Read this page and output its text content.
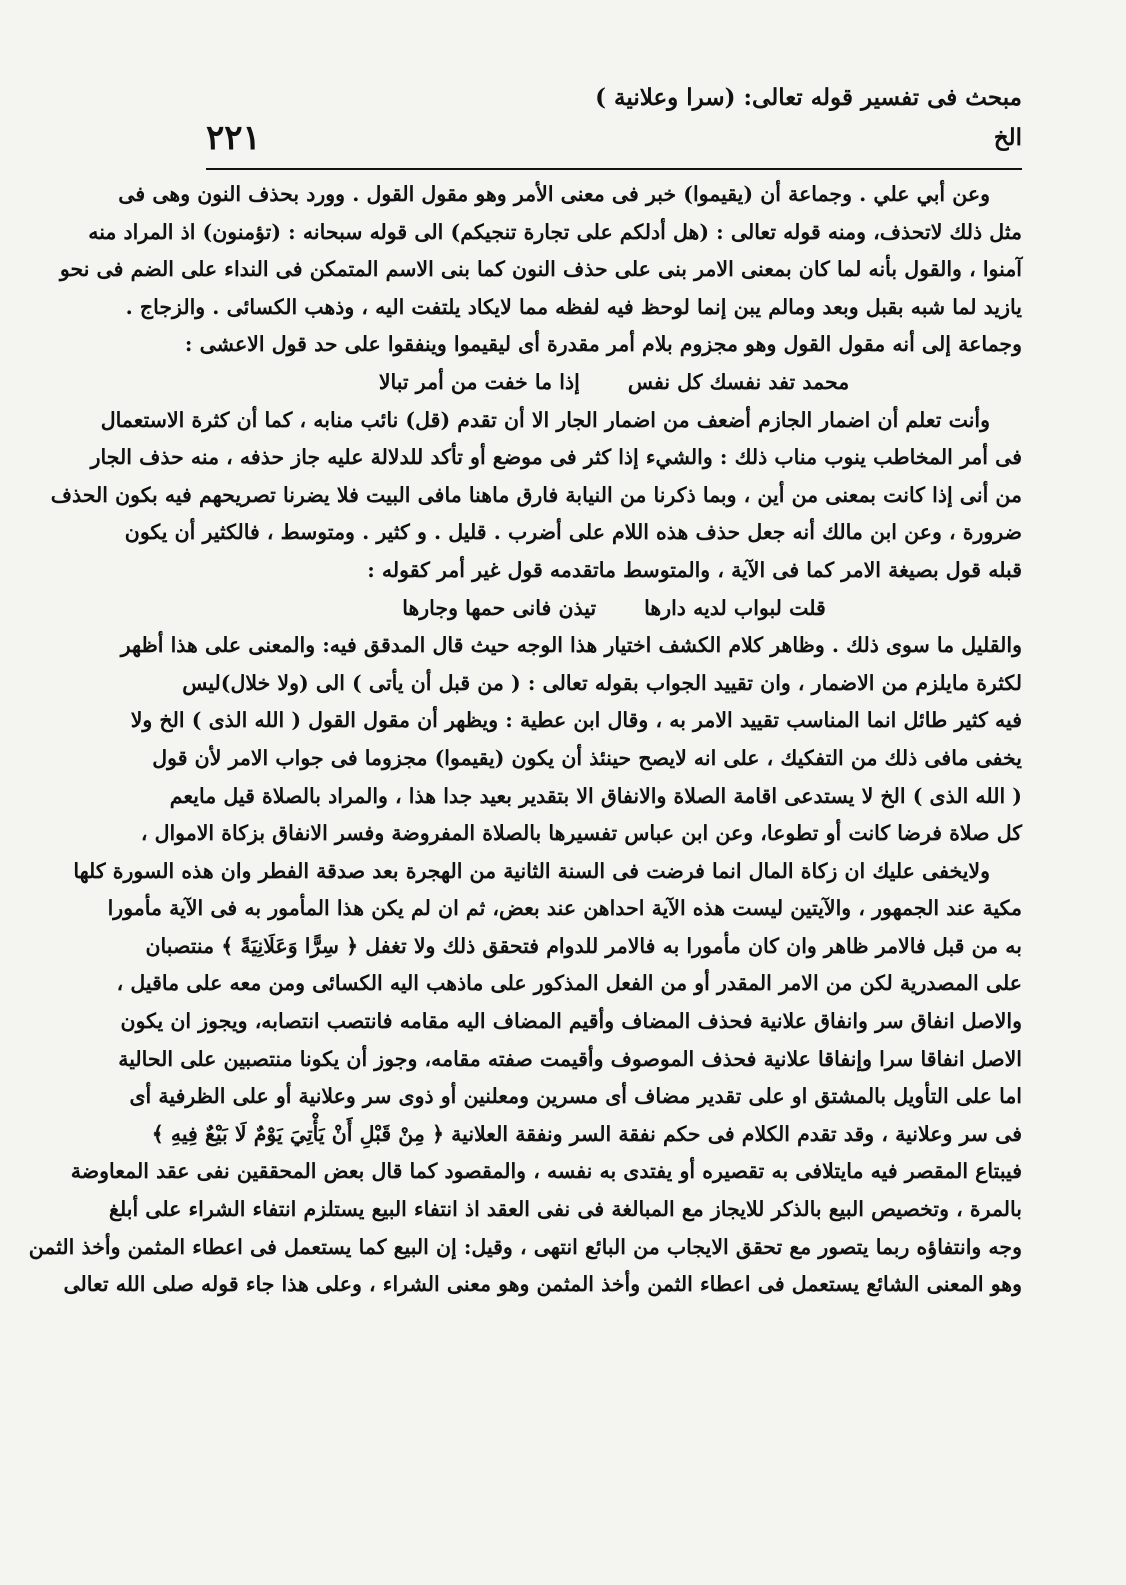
مبحث فى تفسير قوله تعالى: (سرا وعلانية ) الخ
٢٢١
وعن أبي علي . وجماعة أن (يقيموا) خبر فى معنى الأمر وهو مقول القول . وورد بحذف النون وهى فى
مثل ذلك لاتحذف، ومنه قوله تعالى : (هل أدلكم على تجارة تنجيكم) الى قوله سبحانه : (تؤمنون) اذ المراد منه
آمنوا ، والقول بأنه لما كان بمعنى الامر بنى على حذف النون كما بنى الاسم المتمكن فى النداء على الضم فى نحو
يازيد لما شبه بقبل وبعد ومالم يبن إنما لوحظ فيه لفظه مما لايكاد يلتفت اليه ، وذهب الكسائى . والزجاج .
وجماعة إلى أنه مقول القول وهو مجزوم بلام أمر مقدرة أى ليقيموا وينفقوا على حد قول الاعشى :
محمد تفد نفسك كل نفس
إذا ما خفت من أمر تبالا
وأنت تعلم أن اضمار الجازم أضعف من اضمار الجار الا أن تقدم (قل) نائب منابه ، كما أن كثرة الاستعمال
فى أمر المخاطب ينوب مناب ذلك : والشيء إذا كثر فى موضع أو تأكد للدلالة عليه جاز حذفه ، منه حذف الجار
من أنى إذا كانت بمعنى من أين ، وبما ذكرنا من النيابة فارق ماهنا مافى البيت فلا يضرنا تصريحهم فيه بكون الحذف
ضرورة ، وعن ابن مالك أنه جعل حذف هذه اللام على أضرب . قليل . و كثير . ومتوسط ، فالكثير أن يكون
قبله قول بصيغة الامر كما فى الآية ، والمتوسط ماتقدمه قول غير أمر كقوله :
قلت لبواب لديه دارها
تيذن فانى حمها وجارها
والقليل ما سوى ذلك . وظاهر كلام الكشف اختيار هذا الوجه حيث قال المدقق فيه: والمعنى على هذا أظهر
لكثرة مايلزم من الاضمار ، وان تقييد الجواب بقوله تعالى : ( من قبل أن يأتى ) الى (ولا خلال)ليس
فيه كثير طائل انما المناسب تقييد الامر به ، وقال ابن عطية : ويظهر أن مقول القول ( الله الذى ) الخ ولا
يخفى مافى ذلك من التفكيك ، على انه لايصح حينئذ أن يكون (يقيموا) مجزوما فى جواب الامر لأن قول
( الله الذى ) الخ لا يستدعى اقامة الصلاة والانفاق الا بتقدير بعيد جدا هذا ، والمراد بالصلاة قيل مايعم
كل صلاة فرضا كانت أو تطوعا، وعن ابن عباس تفسيرها بالصلاة المفروضة وفسر الانفاق بزكاة الاموال ،
ولايخفى عليك ان زكاة المال انما فرضت فى السنة الثانية من الهجرة بعد صدقة الفطر وان هذه السورة كلها
مكية عند الجمهور ، والآيتين ليست هذه الآية احداهن عند بعض، ثم ان لم يكن هذا المأمور به فى الآية مأمورا
به من قبل فالامر ظاهر وان كان مأمورا به فالامر للدوام فتحقق ذلك ولا تغفل ﴿ سِرًّا وَعَلَانِيَةً ﴾ منتصبان
على المصدرية لكن من الامر المقدر أو من الفعل المذكور على ماذهب اليه الكسائى ومن معه على ماقيل ،
والاصل انفاق سر وانفاق علانية فحذف المضاف وأقيم المضاف اليه مقامه فانتصب انتصابه، ويجوز ان يكون
الاصل انفاقا سرا وإنفاقا علانية فحذف الموصوف وأقيمت صفته مقامه، وجوز أن يكونا منتصبين على الحالية
اما على التأويل بالمشتق او على تقدير مضاف أى مسرين ومعلنين أو ذوى سر وعلانية أو على الظرفية أى
فى سر وعلانية ، وقد تقدم الكلام فى حكم نفقة السر ونفقة العلانية ﴿ مِنْ قَبْلِ أَنْ يَأْتِيَ يَوْمٌ لَا بَيْعٌ فِيهِ ﴾
فيبتاع المقصر فيه مايتلافى به تقصيره أو يفتدى به نفسه ، والمقصود كما قال بعض المحققين نفى عقد المعاوضة
بالمرة ، وتخصيص البيع بالذكر للايجاز مع المبالغة فى نفى العقد اذ انتفاء البيع يستلزم انتفاء الشراء على أبلغ
وجه وانتفاؤه ربما يتصور مع تحقق الايجاب من البائع انتهى ، وقيل: إن البيع كما يستعمل فى اعطاء المثمن وأخذ الثمن
وهو المعنى الشائع يستعمل فى اعطاء الثمن وأخذ المثمن وهو معنى الشراء ، وعلى هذا جاء قوله صلى الله تعالى
